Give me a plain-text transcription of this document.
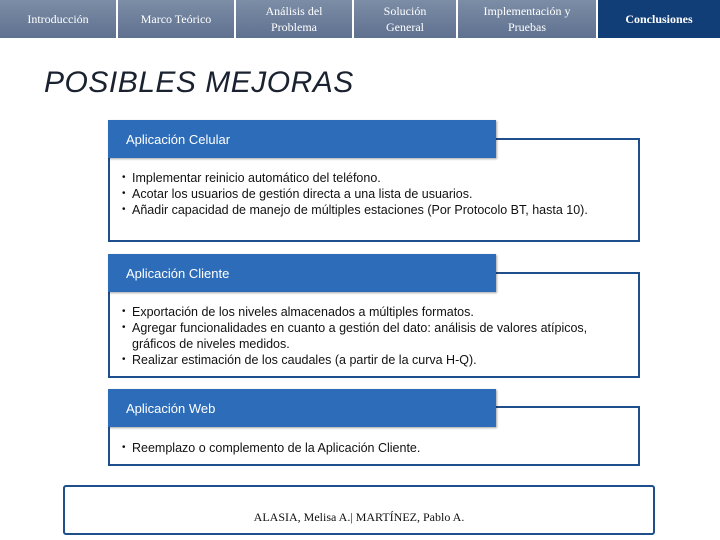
Introducción	Marco Teórico
Análisis del Problema
Solución General
Implementación y Pruebas
Conclusiones
POSIBLES MEJORAS
Aplicación Celular
• Implementar reinicio automático del teléfono.
• Acotar los usuarios de gestión directa a una lista de usuarios.
• Añadir capacidad de manejo de múltiples estaciones (Por Protocolo BT, hasta 10).
Aplicación Cliente
• Exportación de los niveles almacenados a múltiples formatos.
• Agregar funcionalidades en cuanto a gestión del dato: análisis de valores atípicos, gráficos de niveles medidos.
• Realizar estimación de los caudales (a partir de la curva H-Q).
Aplicación Web
• Reemplazo o complemento de la Aplicación Cliente.
ALASIA, Melisa A.| MARTÍNEZ, Pablo A.
